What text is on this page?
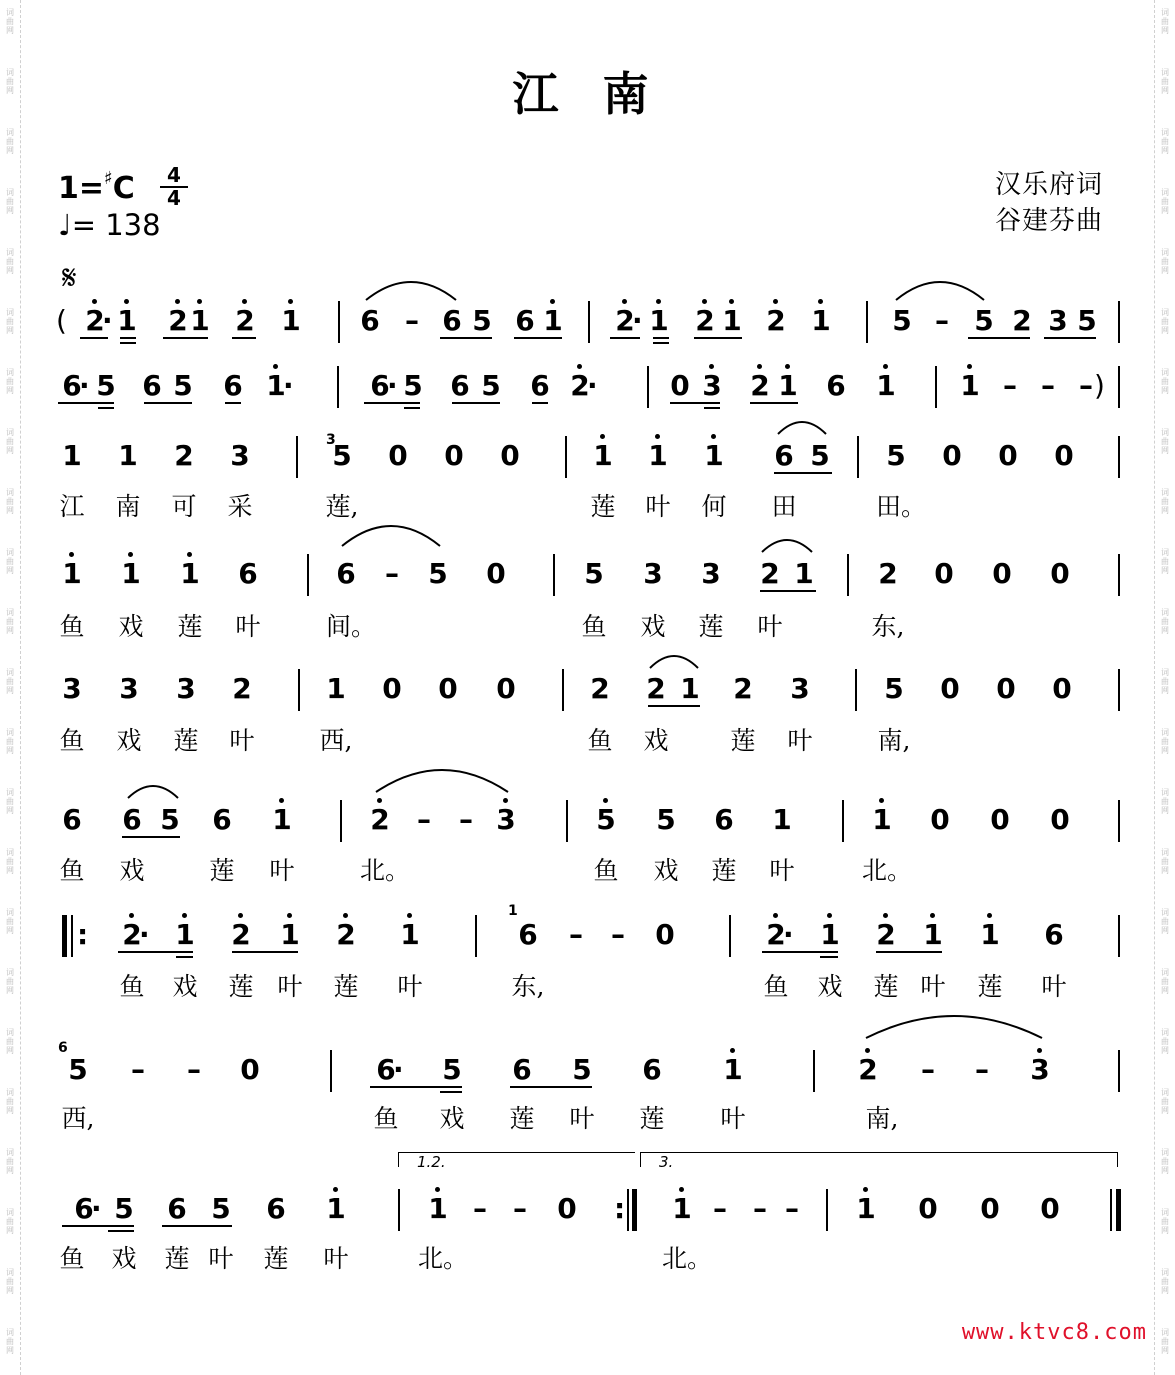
词
曲
网
词
曲
网
词
曲
网
词
曲
网
词
曲
网
词
曲
网
词
曲
网
词
曲
网
词
曲
网
词
曲
网
词
曲
网
词
曲
网
词
曲
网
词
曲
网
词
曲
网
词
曲
网
词
曲
网
词
曲
网
词
曲
网
词
曲
网
词
曲
网
词
曲
网
词
曲
网
词
曲
网
词
曲
网
词
曲
网
词
曲
网
词
曲
网
词
曲
网
词
曲
网
词
曲
网
词
曲
网
词
曲
网
词
曲
网
词
曲
网
词
曲
网
词
曲
网
词
曲
网
词
曲
网
词
曲
网
词
曲
网
词
曲
网
词
曲
网
词
曲
网
词
曲
网
词
曲
网
江 南
1=♯C	4
4
♩= 138
汉乐府词
谷建芬曲
𝄋
2
· 1 2 1 2 1 6 – 6 5 6 1 2
· 1 2 1 2 1 5 – 5 2 3 5
6
· 5 6 5 6 1
·	6
· 5 6 5 6 2
·	0 3 2 1 6 1 1 – – –
1 1 2 3	5 0 0 0	1 1 1 6 5 5 0 0 0
江	南	可	采	莲,	莲	叶	何	田	田。
1 1 1 6	6 – 5 0	5 3 3 2 1 2 0 0 0
鱼	戏	莲	叶	间。	鱼	戏	莲	叶	东,
3 3 3 2	1 0 0 0	2 2 1 2 3	5 0 0 0
鱼	戏	莲	叶	西,	鱼	戏	莲	叶	南,
6 6 5 6 1	2 – – 3	5 5 6 1	1 0 0 0
鱼	戏	莲	叶	北。	鱼	戏	莲	叶	北。
2
· 1 2 1 2 1	6 – – 0	2
· 1 2 1 1 6
鱼	戏	莲 叶	莲	叶	东,	鱼	戏	莲 叶	莲	叶
5 – – 0	6
· 5 6 5 6 1	2 – – 3
西,	鱼	戏	莲	叶	莲	叶	南,
6
· 5 6 5 6 1	1 – – 0	1 – – – 1 0 0 0
鱼	戏	莲 叶	莲	叶	北。	北。
(
)
:
:
3
1
6
1.2.	3.
www.ktvc8.com
